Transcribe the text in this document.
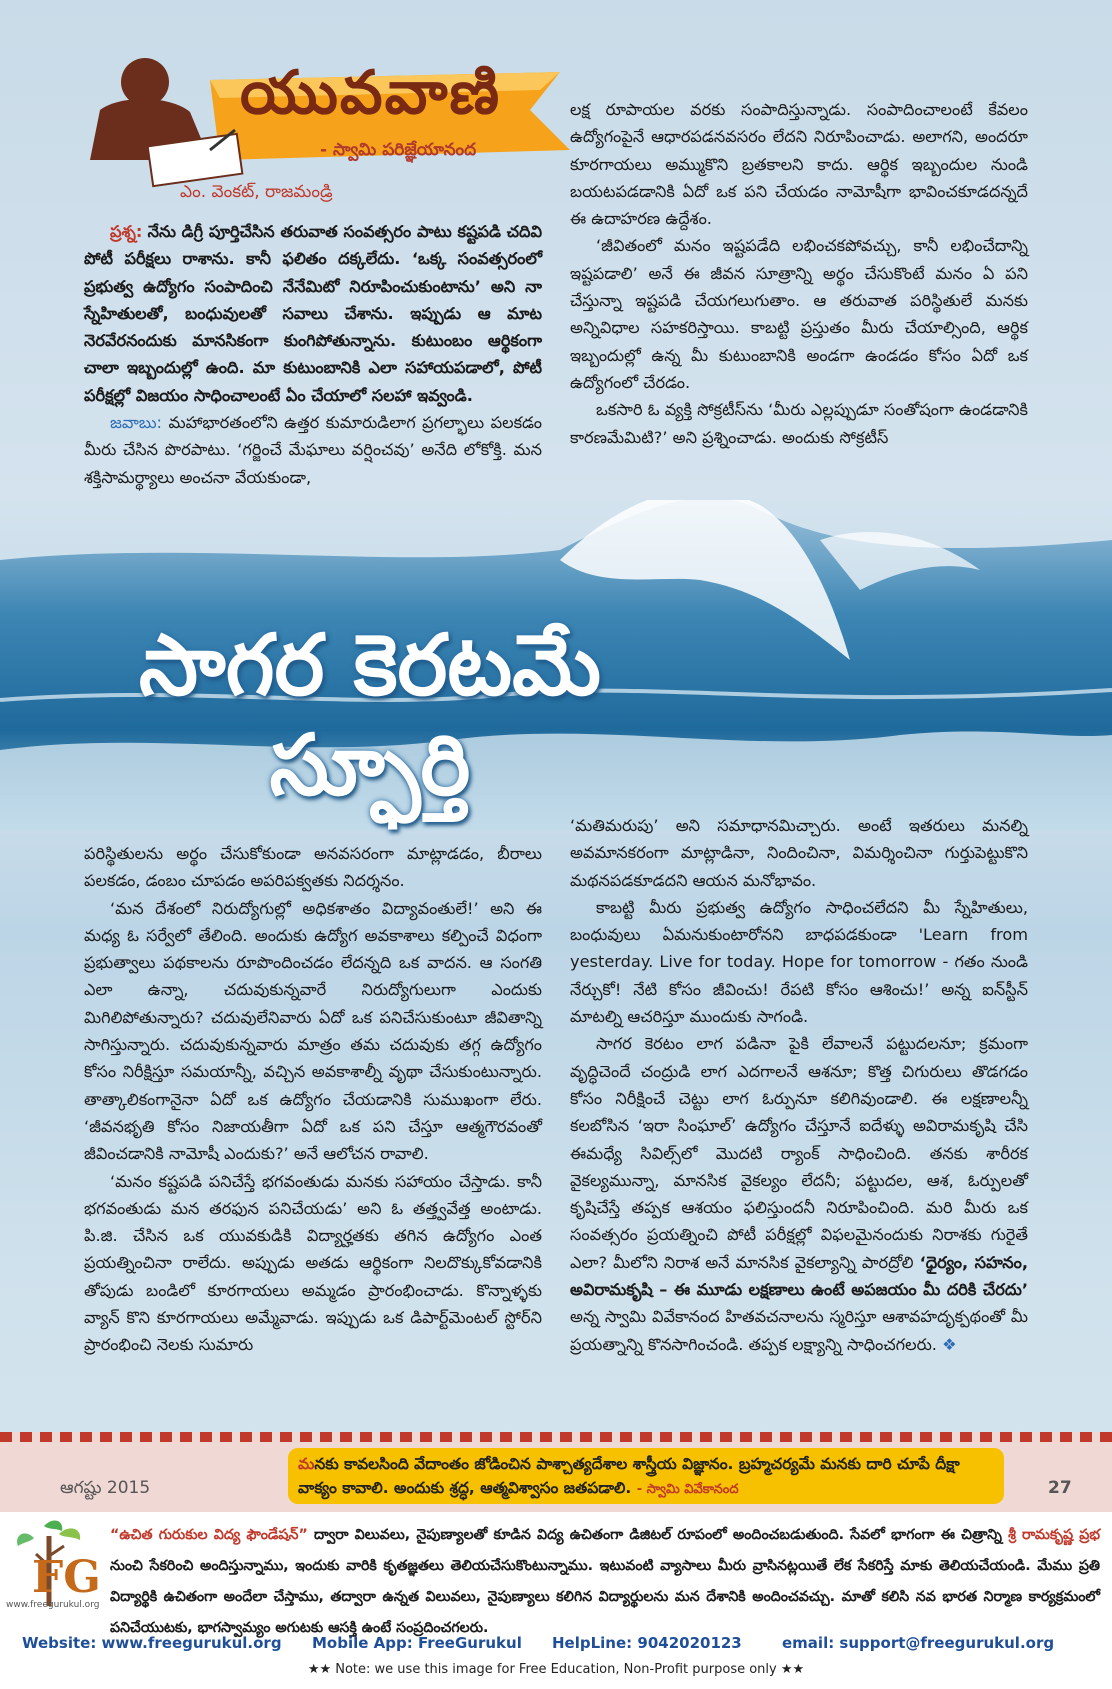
యువవాణి
- స్వామి పరిజ్ఞేయానంద
ఎం. వెంకట్‌, రాజమండ్రి

ప్రశ్న: నేను డిగ్రీ పూర్తిచేసిన తరువాత సంవత్సరం పాటు కష్టపడి చదివి పోటీ పరీక్షలు రాశాను. కానీ ఫలితం దక్కలేదు. ‘ఒక్క సంవత్సరంలో ప్రభుత్వ ఉద్యోగం సంపాదించి నేనేమిటో నిరూపించుకుంటాను’ అని నా స్నేహితులతో, బంధువులతో సవాలు చేశాను. ఇప్పుడు ఆ మాట నెరవేరనందుకు మానసికంగా కుంగిపోతున్నాను. కుటుంబం ఆర్థికంగా చాలా ఇబ్బందుల్లో ఉంది. మా కుటుంబానికి ఎలా సహాయపడాలో, పోటీ పరీక్షల్లో విజయం సాధించాలంటే ఏం చేయాలో సలహా ఇవ్వండి.

జవాబు: మహాభారతంలోని ఉత్తర కుమారుడిలాగ ప్రగల్భాలు పలకడం మీరు చేసిన పొరపాటు. ‘గర్జించే మేఘాలు వర్షించవు’ అనేది లోకోక్తి. మన శక్తిసామర్థ్యాలు అంచనా వేయకుండా,

లక్ష రూపాయల వరకు సంపాదిస్తున్నాడు. సంపాదించాలంటే కేవలం ఉద్యోగంపైనే ఆధారపడనవసరం లేదని నిరూపించాడు. అలాగని, అందరూ కూరగాయలు అమ్ముకొని బ్రతకాలని కాదు. ఆర్థిక ఇబ్బందుల నుండి బయటపడడానికి ఏదో ఒక పని చేయడం నామోషీగా భావించకూడదన్నదే ఈ ఉదాహరణ ఉద్దేశం.

‘జీవితంలో మనం ఇష్టపడేది లభించకపోవచ్చు, కానీ లభించేదాన్ని ఇష్టపడాలి’ అనే ఈ జీవన సూత్రాన్ని అర్థం చేసుకొంటే మనం ఏ పని చేస్తున్నా ఇష్టపడి చేయగలుగుతాం. ఆ తరువాత పరిస్థితులే మనకు అన్నివిధాల సహకరిస్తాయి. కాబట్టి ప్రస్తుతం మీరు చేయాల్సింది, ఆర్థిక ఇబ్బందుల్లో ఉన్న మీ కుటుంబానికి అండగా ఉండడం కోసం ఏదో ఒక ఉద్యోగంలో చేరడం.

ఒకసారి ఓ వ్యక్తి సోక్రటీస్‌ను ‘మీరు ఎల్లప్పుడూ సంతోషంగా ఉండడానికి కారణమేమిటి?’ అని ప్రశ్నించాడు. అందుకు సోక్రటీస్‌

సాగర కెరటమే
స్ఫూర్తి

పరిస్థితులను అర్థం చేసుకోకుండా అనవసరంగా మాట్లాడడం, బీరాలు పలకడం, డంబం చూపడం అపరిపక్వతకు నిదర్శనం.

‘మన దేశంలో నిరుద్యోగుల్లో అధికశాతం విద్యావంతులే!’ అని ఈ మధ్య ఓ సర్వేలో తేలింది. అందుకు ఉద్యోగ అవకాశాలు కల్పించే విధంగా ప్రభుత్వాలు పథకాలను రూపొందించడం లేదన్నది ఒక వాదన. ఆ సంగతి ఎలా ఉన్నా, చదువుకున్నవారే నిరుద్యోగులుగా ఎందుకు మిగిలిపోతున్నారు? చదువులేనివారు ఏదో ఒక పనిచేసుకుంటూ జీవితాన్ని సాగిస్తున్నారు. చదువుకున్నవారు మాత్రం తమ చదువుకు తగ్గ ఉద్యోగం కోసం నిరీక్షిస్తూ సమయాన్నీ, వచ్చిన అవకాశాల్నీ వృథా చేసుకుంటున్నారు. తాత్కాలికంగానైనా ఏదో ఒక ఉద్యోగం చేయడానికి సుముఖంగా లేరు. ‘జీవనభృతి కోసం నిజాయతీగా ఏదో ఒక పని చేస్తూ ఆత్మగౌరవంతో జీవించడానికి నామోషీ ఎందుకు?’ అనే ఆలోచన రావాలి.

‘మనం కష్టపడి పనిచేస్తే భగవంతుడు మనకు సహాయం చేస్తాడు. కానీ భగవంతుడు మన తరఫున పనిచేయడు’ అని ఓ తత్త్వవేత్త అంటాడు. పి.జి. చేసిన ఒక యువకుడికి విద్యార్హతకు తగిన ఉద్యోగం ఎంత ప్రయత్నించినా రాలేదు. అప్పుడు అతడు ఆర్థికంగా నిలదొక్కుకోవడానికి తోపుడు బండిలో కూరగాయలు అమ్మడం ప్రారంభించాడు. కొన్నాళ్ళకు వ్యాన్‌ కొని కూరగాయలు అమ్మేవాడు. ఇప్పుడు ఒక డిపార్ట్‌మెంటల్‌ స్టోర్‌ని ప్రారంభించి నెలకు సుమారు

‘మతిమరుపు’ అని సమాధానమిచ్చారు. అంటే ఇతరులు మనల్ని అవమానకరంగా మాట్లాడినా, నిందించినా, విమర్శించినా గుర్తుపెట్టుకొని మథనపడకూడదని ఆయన మనోభావం.

కాబట్టి మీరు ప్రభుత్వ ఉద్యోగం సాధించలేదని మీ స్నేహితులు, బంధువులు ఏమనుకుంటారోనని బాధపడకుండా 'Learn from yesterday. Live for today. Hope for tomorrow - గతం నుండి నేర్చుకో! నేటి కోసం జీవించు! రేపటి కోసం ఆశించు!’ అన్న ఐన్‌స్టీన్‌ మాటల్ని ఆచరిస్తూ ముందుకు సాగండి.

సాగర కెరటం లాగ పడినా పైకి లేవాలనే పట్టుదలనూ; క్రమంగా వృద్ధిచెందే చంద్రుడి లాగ ఎదగాలనే ఆశనూ; కొత్త చిగురులు తొడగడం కోసం నిరీక్షించే చెట్టు లాగ ఓర్పునూ కలిగివుండాలి. ఈ లక్షణాలన్నీ కలబోసిన ‘ఇరా సింఘాల్‌’ ఉద్యోగం చేస్తూనే ఐదేళ్ళు అవిరామకృషి చేసి ఈమధ్యే సివిల్స్‌లో మొదటి ర్యాంక్‌ సాధించింది. తనకు శారీరక వైకల్యమున్నా, మానసిక వైకల్యం లేదనీ; పట్టుదల, ఆశ, ఓర్పులతో కృషిచేస్తే తప్పక ఆశయం ఫలిస్తుందనీ నిరూపించింది. మరి మీరు ఒక సంవత్సరం ప్రయత్నించి పోటీ పరీక్షల్లో విఫలమైనందుకు నిరాశకు గురైతే ఎలా? మీలోని నిరాశ అనే మానసిక వైకల్యాన్ని పారద్రోలి ‘ధైర్యం, సహనం, అవిరామకృషి – ఈ మూడు లక్షణాలు ఉంటే అపజయం మీ దరికి చేరదు’ అన్న స్వామి వివేకానంద హితవచనాలను స్మరిస్తూ ఆశావహదృక్పథంతో మీ ప్రయత్నాన్ని కొనసాగించండి. తప్పక లక్ష్యాన్ని సాధించగలరు. ❖

ఆగష్టు 2015	27
మనకు కావలసింది వేదాంతం జోడించిన పాశ్చాత్యదేశాల శాస్త్రీయ విజ్ఞానం. బ్రహ్మచర్యమే మనకు దారి చూపే దీక్షా వాక్యం కావాలి. అందుకు శ్రద్ధ, ఆత్మవిశ్వాసం జతపడాలి. - స్వామి వివేకానంద
FG
www.freegurukul.org
“ఉచిత గురుకుల విద్య ఫౌండేషన్‌” ద్వారా విలువలు, నైపుణ్యాలతో కూడిన విద్య ఉచితంగా డిజిటల్‌ రూపంలో అందించబడుతుంది. సేవలో భాగంగా ఈ చిత్రాన్ని శ్రీ రామకృష్ణ ప్రభ నుంచి సేకరించి అందిస్తున్నాము, ఇందుకు వారికి కృతజ్ఞతలు తెలియచేసుకొంటున్నాము. ఇటువంటి వ్యాసాలు మీరు వ్రాసినట్లయితే లేక సేకరిస్తే మాకు తెలియచేయండి. మేము ప్రతి విద్యార్థికి ఉచితంగా అందేలా చేస్తాము, తద్వారా ఉన్నత విలువలు, నైపుణ్యాలు కలిగిన విద్యార్థులను మన దేశానికి అందించవచ్చు. మాతో కలిసి నవ భారత నిర్మాణ కార్యక్రమంలో పనిచేయుటకు, భాగస్వామ్యం అగుటకు ఆసక్తి ఉంటే సంప్రదించగలరు.
Website: www.freegurukul.org Mobile App: FreeGurukul HelpLine: 9042020123	email: support@freegurukul.org
★★ Note: we use this image for Free Education, Non-Profit purpose only ★★
